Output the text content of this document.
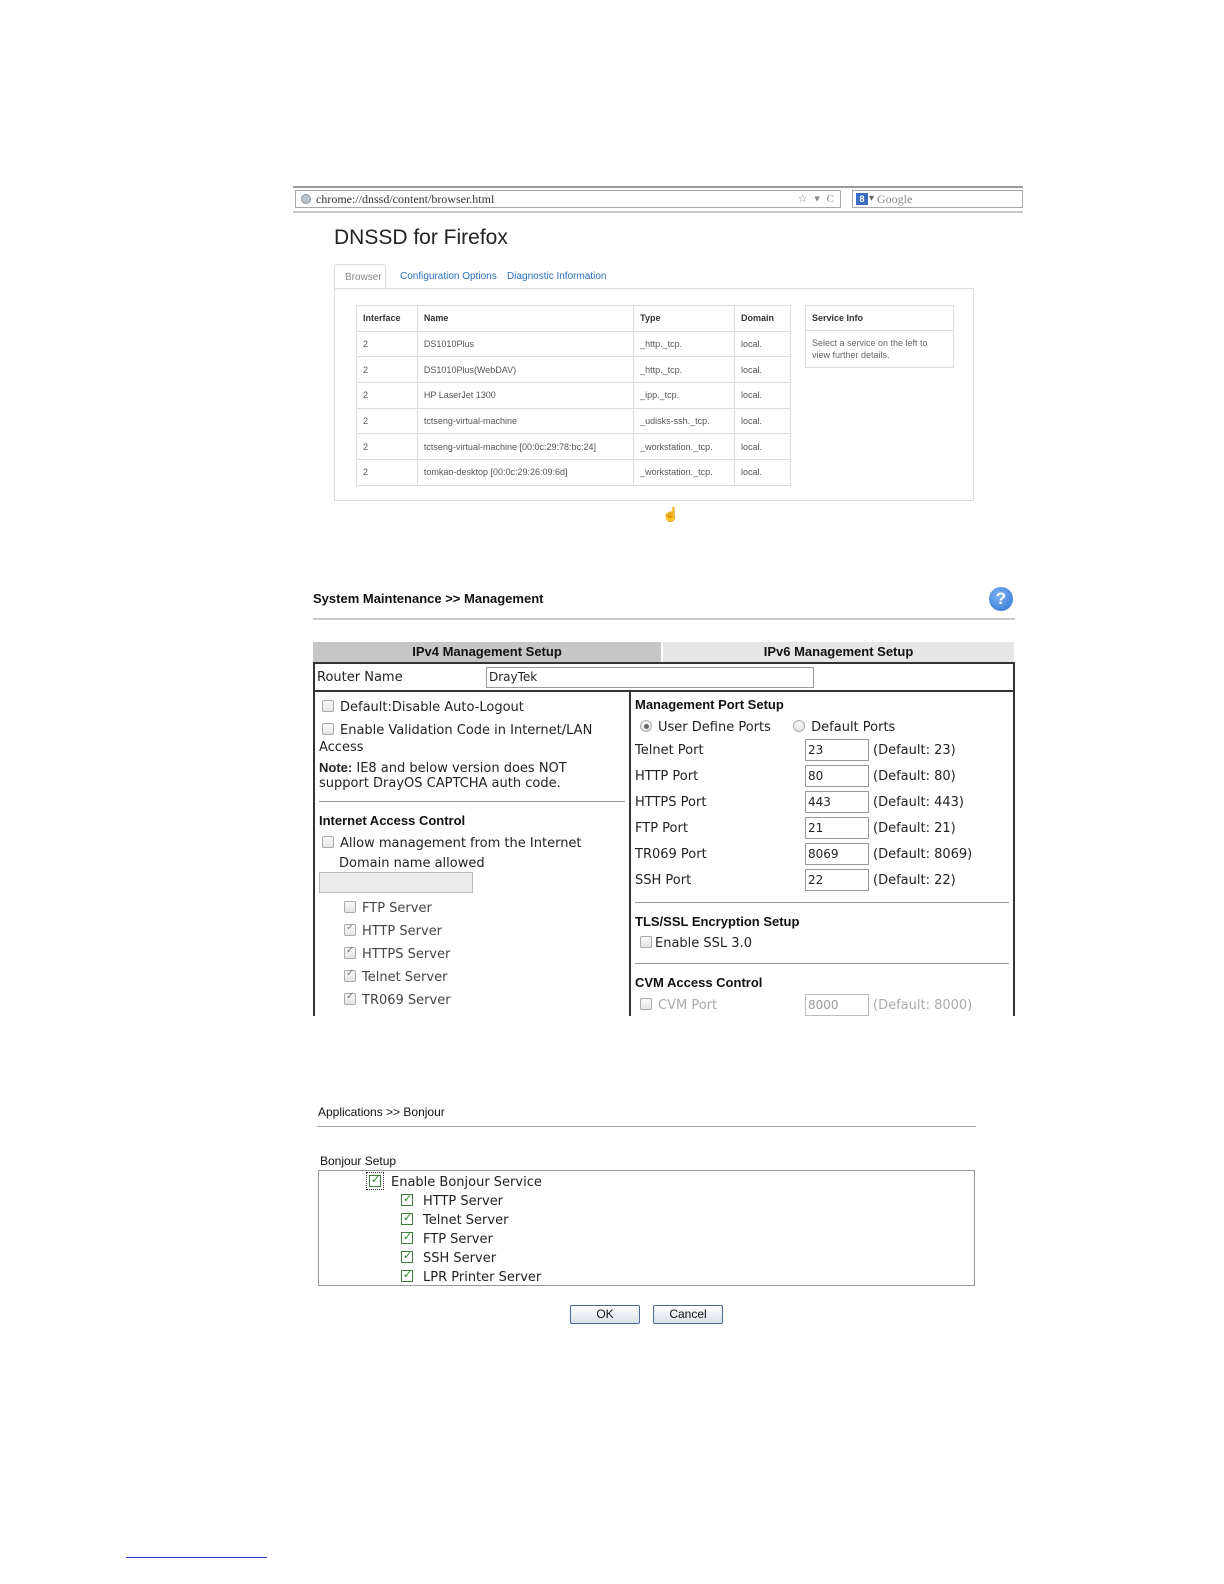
chrome://dnssd/content/browser.html	☆ ▾ C	8 ▾ Google
DNSSD for Firefox
Browser	Configuration Options	Diagnostic Information
Interface	Name	Type	Domain
2	DS1010Plus	_http._tcp.	local.
2	DS1010Plus(WebDAV)	_http._tcp.	local.
2	HP LaserJet 1300	_ipp._tcp.	local.
2	tctseng-virtual-machine	_udisks-ssh._tcp.	local.
2	tctseng-virtual-machine [00:0c:29:78:bc:24]	_workstation._tcp.	local.
2	tomkao-desktop [00:0c:29:26:09:6d]	_workstation._tcp.	local.
Service Info
Select a service on the left to view further details.
☝
System Maintenance >> Management	?
IPv4 Management Setup	IPv6 Management Setup
Router Name	DrayTek
Default:Disable Auto-Logout
Enable Validation Code in Internet/LAN
Access
Note: IE8 and below version does NOT
support DrayOS CAPTCHA auth code.
Internet Access Control
Allow management from the Internet
Domain name allowed
FTP Server
✓HTTP Server
✓HTTPS Server
✓Telnet Server
✓TR069 Server
Management Port Setup
User Define Ports	Default Ports
Telnet Port	23	(Default: 23)
HTTP Port	80	(Default: 80)
HTTPS Port	443	(Default: 443)
FTP Port	21	(Default: 21)
TR069 Port	8069	(Default: 8069)
SSH Port	22	(Default: 22)
TLS/SSL Encryption Setup
Enable SSL 3.0
CVM Access Control
CVM Port	8000	(Default: 8000)
Applications >> Bonjour
Bonjour Setup
✓Enable Bonjour Service
✓HTTP Server
✓Telnet Server
✓FTP Server
✓SSH Server
✓LPR Printer Server
OK	Cancel
